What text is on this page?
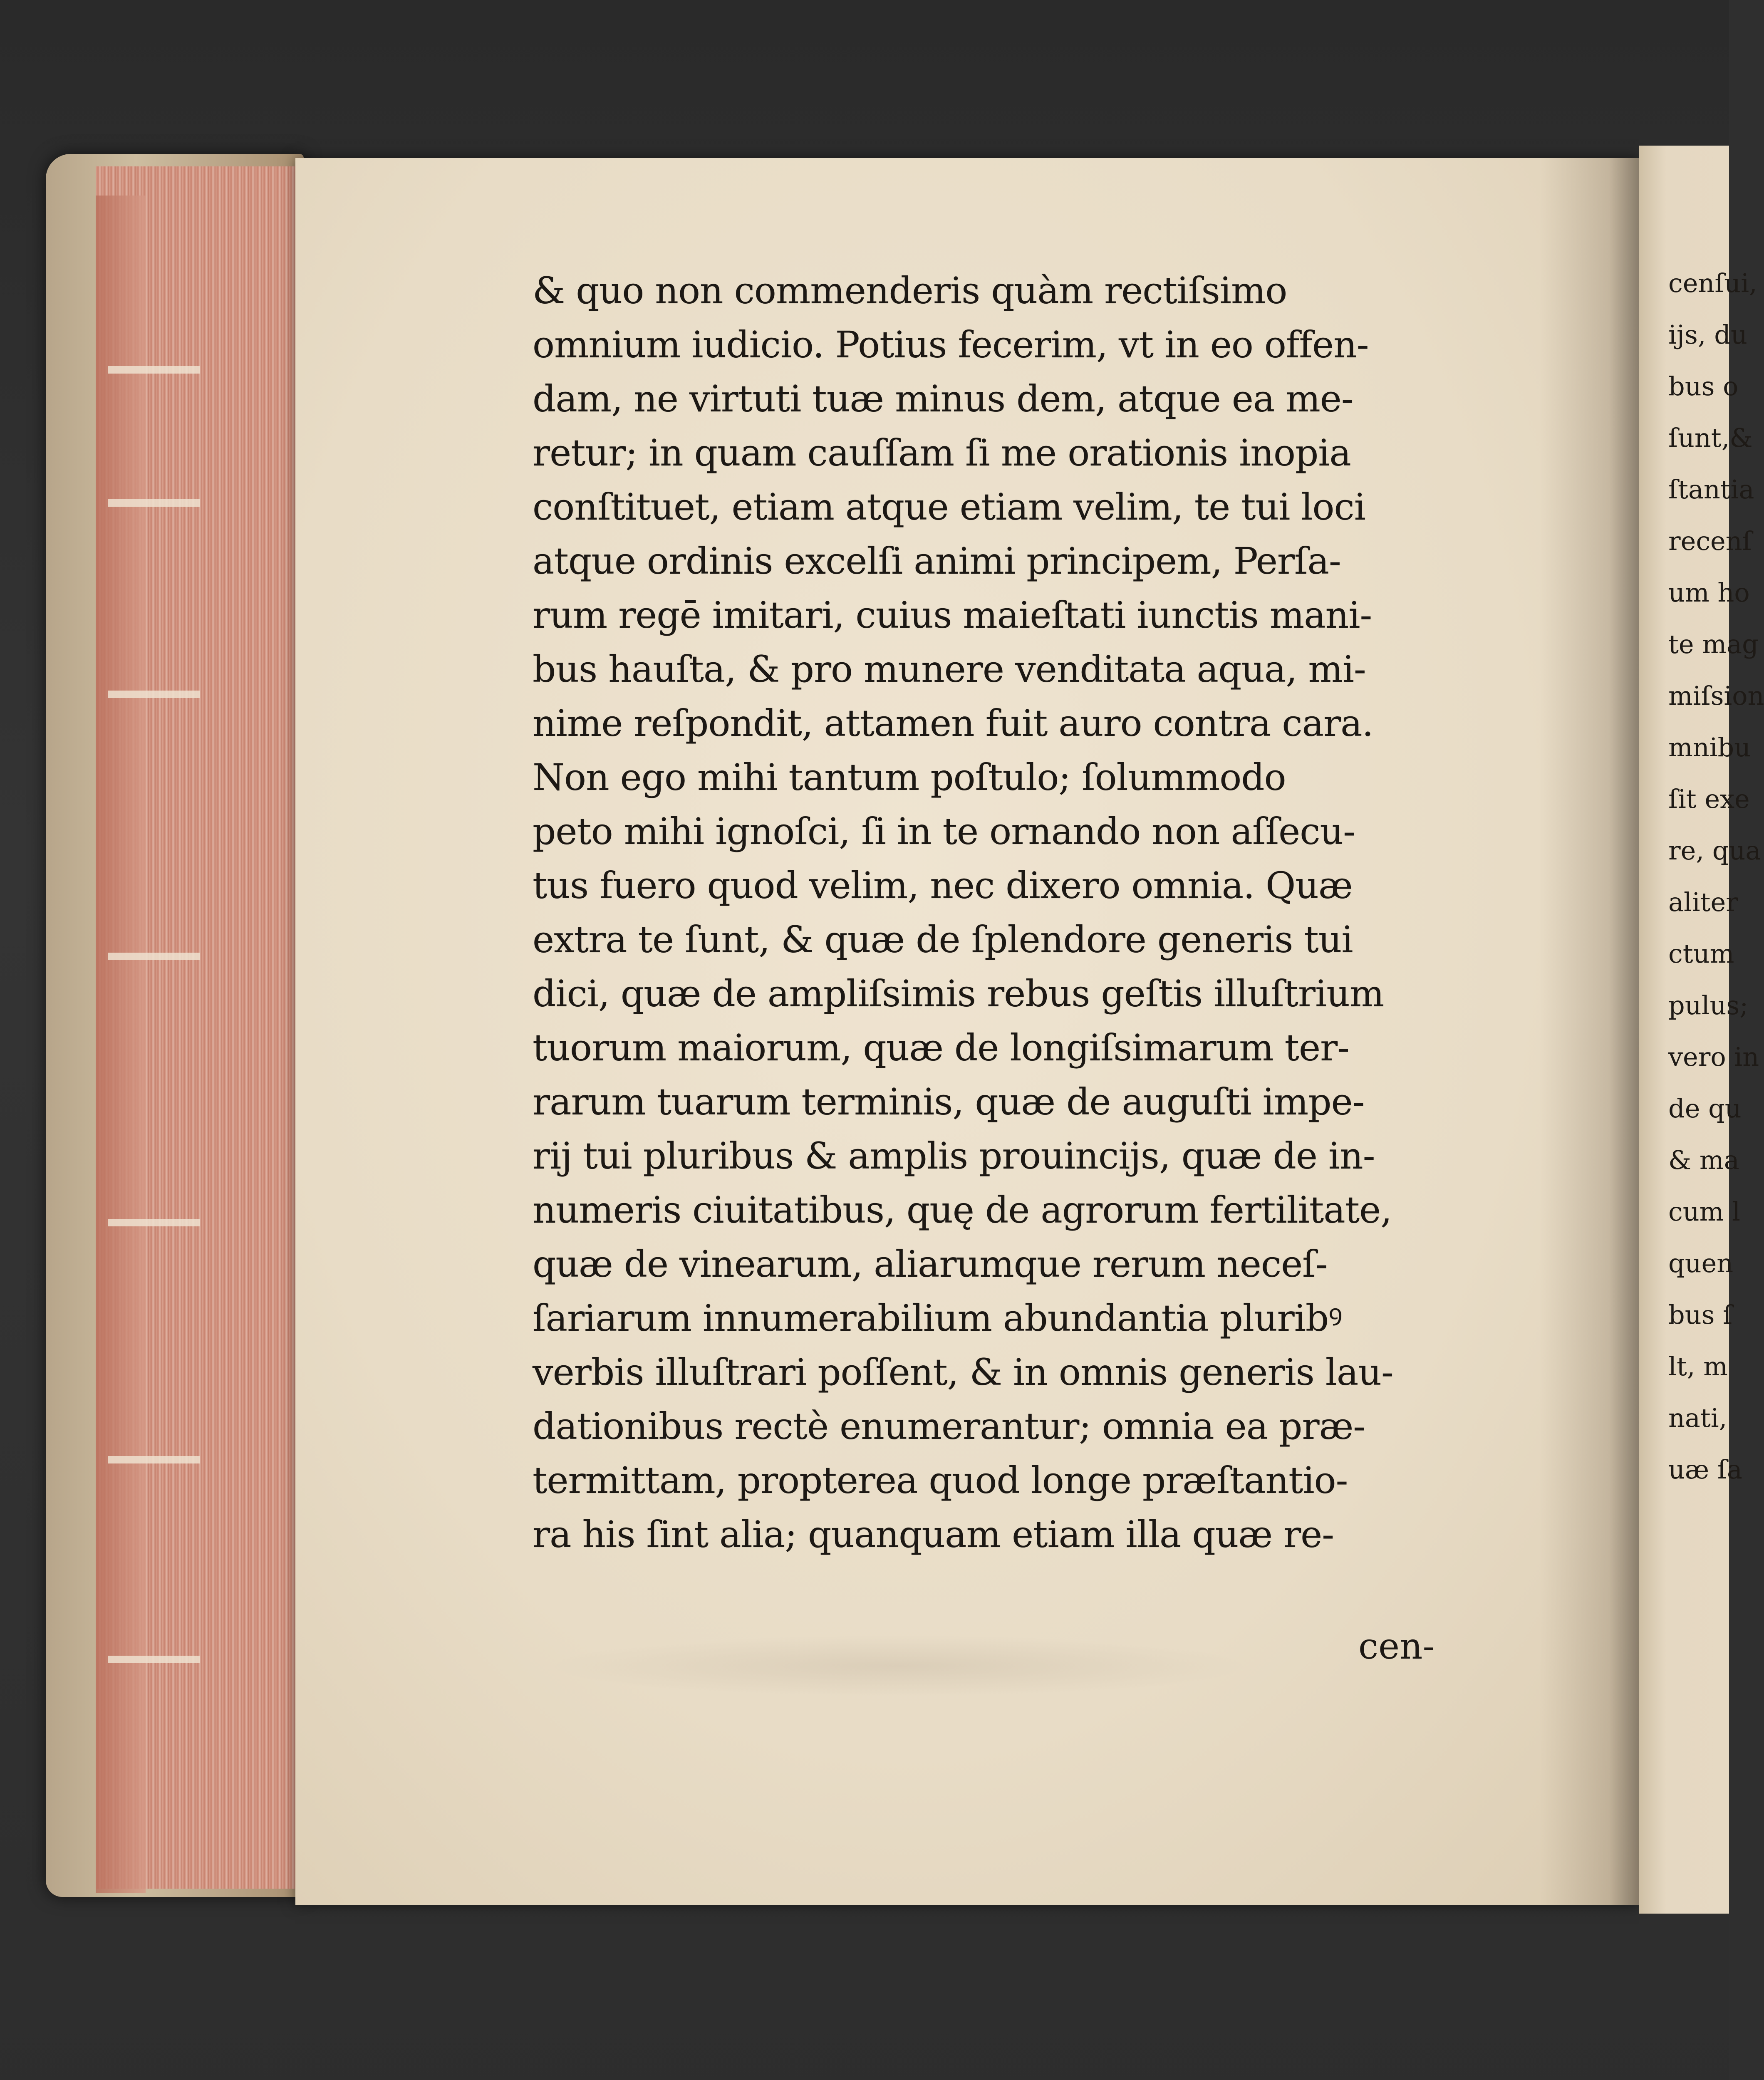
& quo non commenderis quàm rectiſsimo
omnium iudicio. Potius fecerim, vt in eo offen-
dam, ne virtuti tuæ minus dem, atque ea me-
retur; in quam cauſſam ſi me orationis inopia
conſtituet, etiam atque etiam velim, te tui loci
atque ordinis excelſi animi principem, Perſa-
rum regē imitari, cuius maieſtati iunctis mani-
bus hauſta, & pro munere venditata aqua, mi-
nime reſpondit, attamen fuit auro contra cara.
Non ego mihi tantum poſtulo; ſolummodo
peto mihi ignoſci, ſi in te ornando non aſſecu-
tus fuero quod velim, nec dixero omnia. Quæ
extra te ſunt, & quæ de ſplendore generis tui
dici, quæ de ampliſsimis rebus geſtis illuſtrium
tuorum maiorum, quæ de longiſsimarum ter-
rarum tuarum terminis, quæ de auguſti impe-
rij tui pluribus & amplis prouincijs, quæ de in-
numeris ciuitatibus, quę de agrorum fertilitate,
quæ de vinearum, aliarumque rerum neceſ-
ſariarum innumerabilium abundantia pluribꝰ
verbis illuſtrari poſſent, & in omnis generis lau-
dationibus rectè enumerantur; omnia ea præ-
termittam, propterea quod longe præſtantio-
ra his ſint alia; quanquam etiam illa quæ re-
cen-
cenſui,
ijs, du
bus o
ſunt,&
ſtantia
recenſ
um ho
te mag
miſsion
mnibu
ſit exe
re, qua
aliter
ctum
pulus;
vero in
de qu
& ma
cum l
quen
bus ſ
lt, m
nati,
uæ ſa
